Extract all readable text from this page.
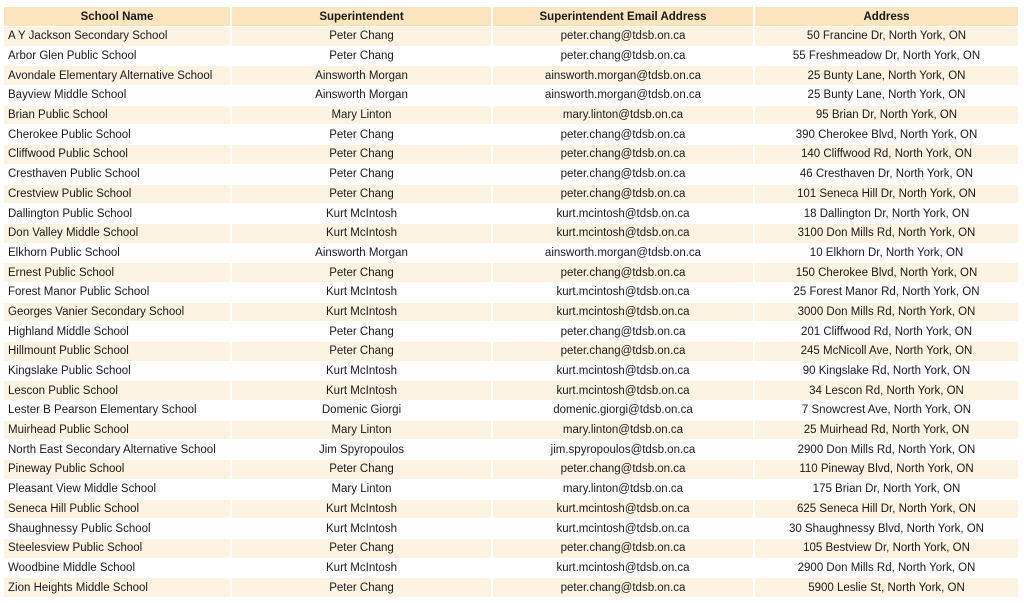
School Name	Superintendent	Superintendent Email Address	Address
A Y Jackson Secondary School	Peter Chang	peter.chang@tdsb.on.ca	50 Francine Dr, North York, ON
Arbor Glen Public School	Peter Chang	peter.chang@tdsb.on.ca	55 Freshmeadow Dr, North York, ON
Avondale Elementary Alternative School	Ainsworth Morgan	ainsworth.morgan@tdsb.on.ca	25 Bunty Lane, North York, ON
Bayview Middle School	Ainsworth Morgan	ainsworth.morgan@tdsb.on.ca	25 Bunty Lane, North York, ON
Brian Public School	Mary Linton	mary.linton@tdsb.on.ca	95 Brian Dr, North York, ON
Cherokee Public School	Peter Chang	peter.chang@tdsb.on.ca	390 Cherokee Blvd, North York, ON
Cliffwood Public School	Peter Chang	peter.chang@tdsb.on.ca	140 Cliffwood Rd, North York, ON
Cresthaven Public School	Peter Chang	peter.chang@tdsb.on.ca	46 Cresthaven Dr, North York, ON
Crestview Public School	Peter Chang	peter.chang@tdsb.on.ca	101 Seneca Hill Dr, North York, ON
Dallington Public School	Kurt McIntosh	kurt.mcintosh@tdsb.on.ca	18 Dallington Dr, North York, ON
Don Valley Middle School	Kurt McIntosh	kurt.mcintosh@tdsb.on.ca	3100 Don Mills Rd, North York, ON
Elkhorn Public School	Ainsworth Morgan	ainsworth.morgan@tdsb.on.ca	10 Elkhorn Dr, North York, ON
Ernest Public School	Peter Chang	peter.chang@tdsb.on.ca	150 Cherokee Blvd, North York, ON
Forest Manor Public School	Kurt McIntosh	kurt.mcintosh@tdsb.on.ca	25 Forest Manor Rd, North York, ON
Georges Vanier Secondary School	Kurt McIntosh	kurt.mcintosh@tdsb.on.ca	3000 Don Mills Rd, North York, ON
Highland Middle School	Peter Chang	peter.chang@tdsb.on.ca	201 Cliffwood Rd, North York, ON
Hillmount Public School	Peter Chang	peter.chang@tdsb.on.ca	245 McNicoll Ave, North York, ON
Kingslake Public School	Kurt McIntosh	kurt.mcintosh@tdsb.on.ca	90 Kingslake Rd, North York, ON
Lescon Public School	Kurt McIntosh	kurt.mcintosh@tdsb.on.ca	34 Lescon Rd, North York, ON
Lester B Pearson Elementary School	Domenic Giorgi	domenic.giorgi@tdsb.on.ca	7 Snowcrest Ave, North York, ON
Muirhead Public School	Mary Linton	mary.linton@tdsb.on.ca	25 Muirhead Rd, North York, ON
North East Secondary Alternative School	Jim Spyropoulos	jim.spyropoulos@tdsb.on.ca	2900 Don Mills Rd, North York, ON
Pineway Public School	Peter Chang	peter.chang@tdsb.on.ca	110 Pineway Blvd, North York, ON
Pleasant View Middle School	Mary Linton	mary.linton@tdsb.on.ca	175 Brian Dr, North York, ON
Seneca Hill Public School	Kurt McIntosh	kurt.mcintosh@tdsb.on.ca	625 Seneca Hill Dr, North York, ON
Shaughnessy Public School	Kurt McIntosh	kurt.mcintosh@tdsb.on.ca	30 Shaughnessy Blvd, North York, ON
Steelesview Public School	Peter Chang	peter.chang@tdsb.on.ca	105 Bestview Dr, North York, ON
Woodbine Middle School	Kurt McIntosh	kurt.mcintosh@tdsb.on.ca	2900 Don Mills Rd, North York, ON
Zion Heights Middle School	Peter Chang	peter.chang@tdsb.on.ca	5900 Leslie St, North York, ON
